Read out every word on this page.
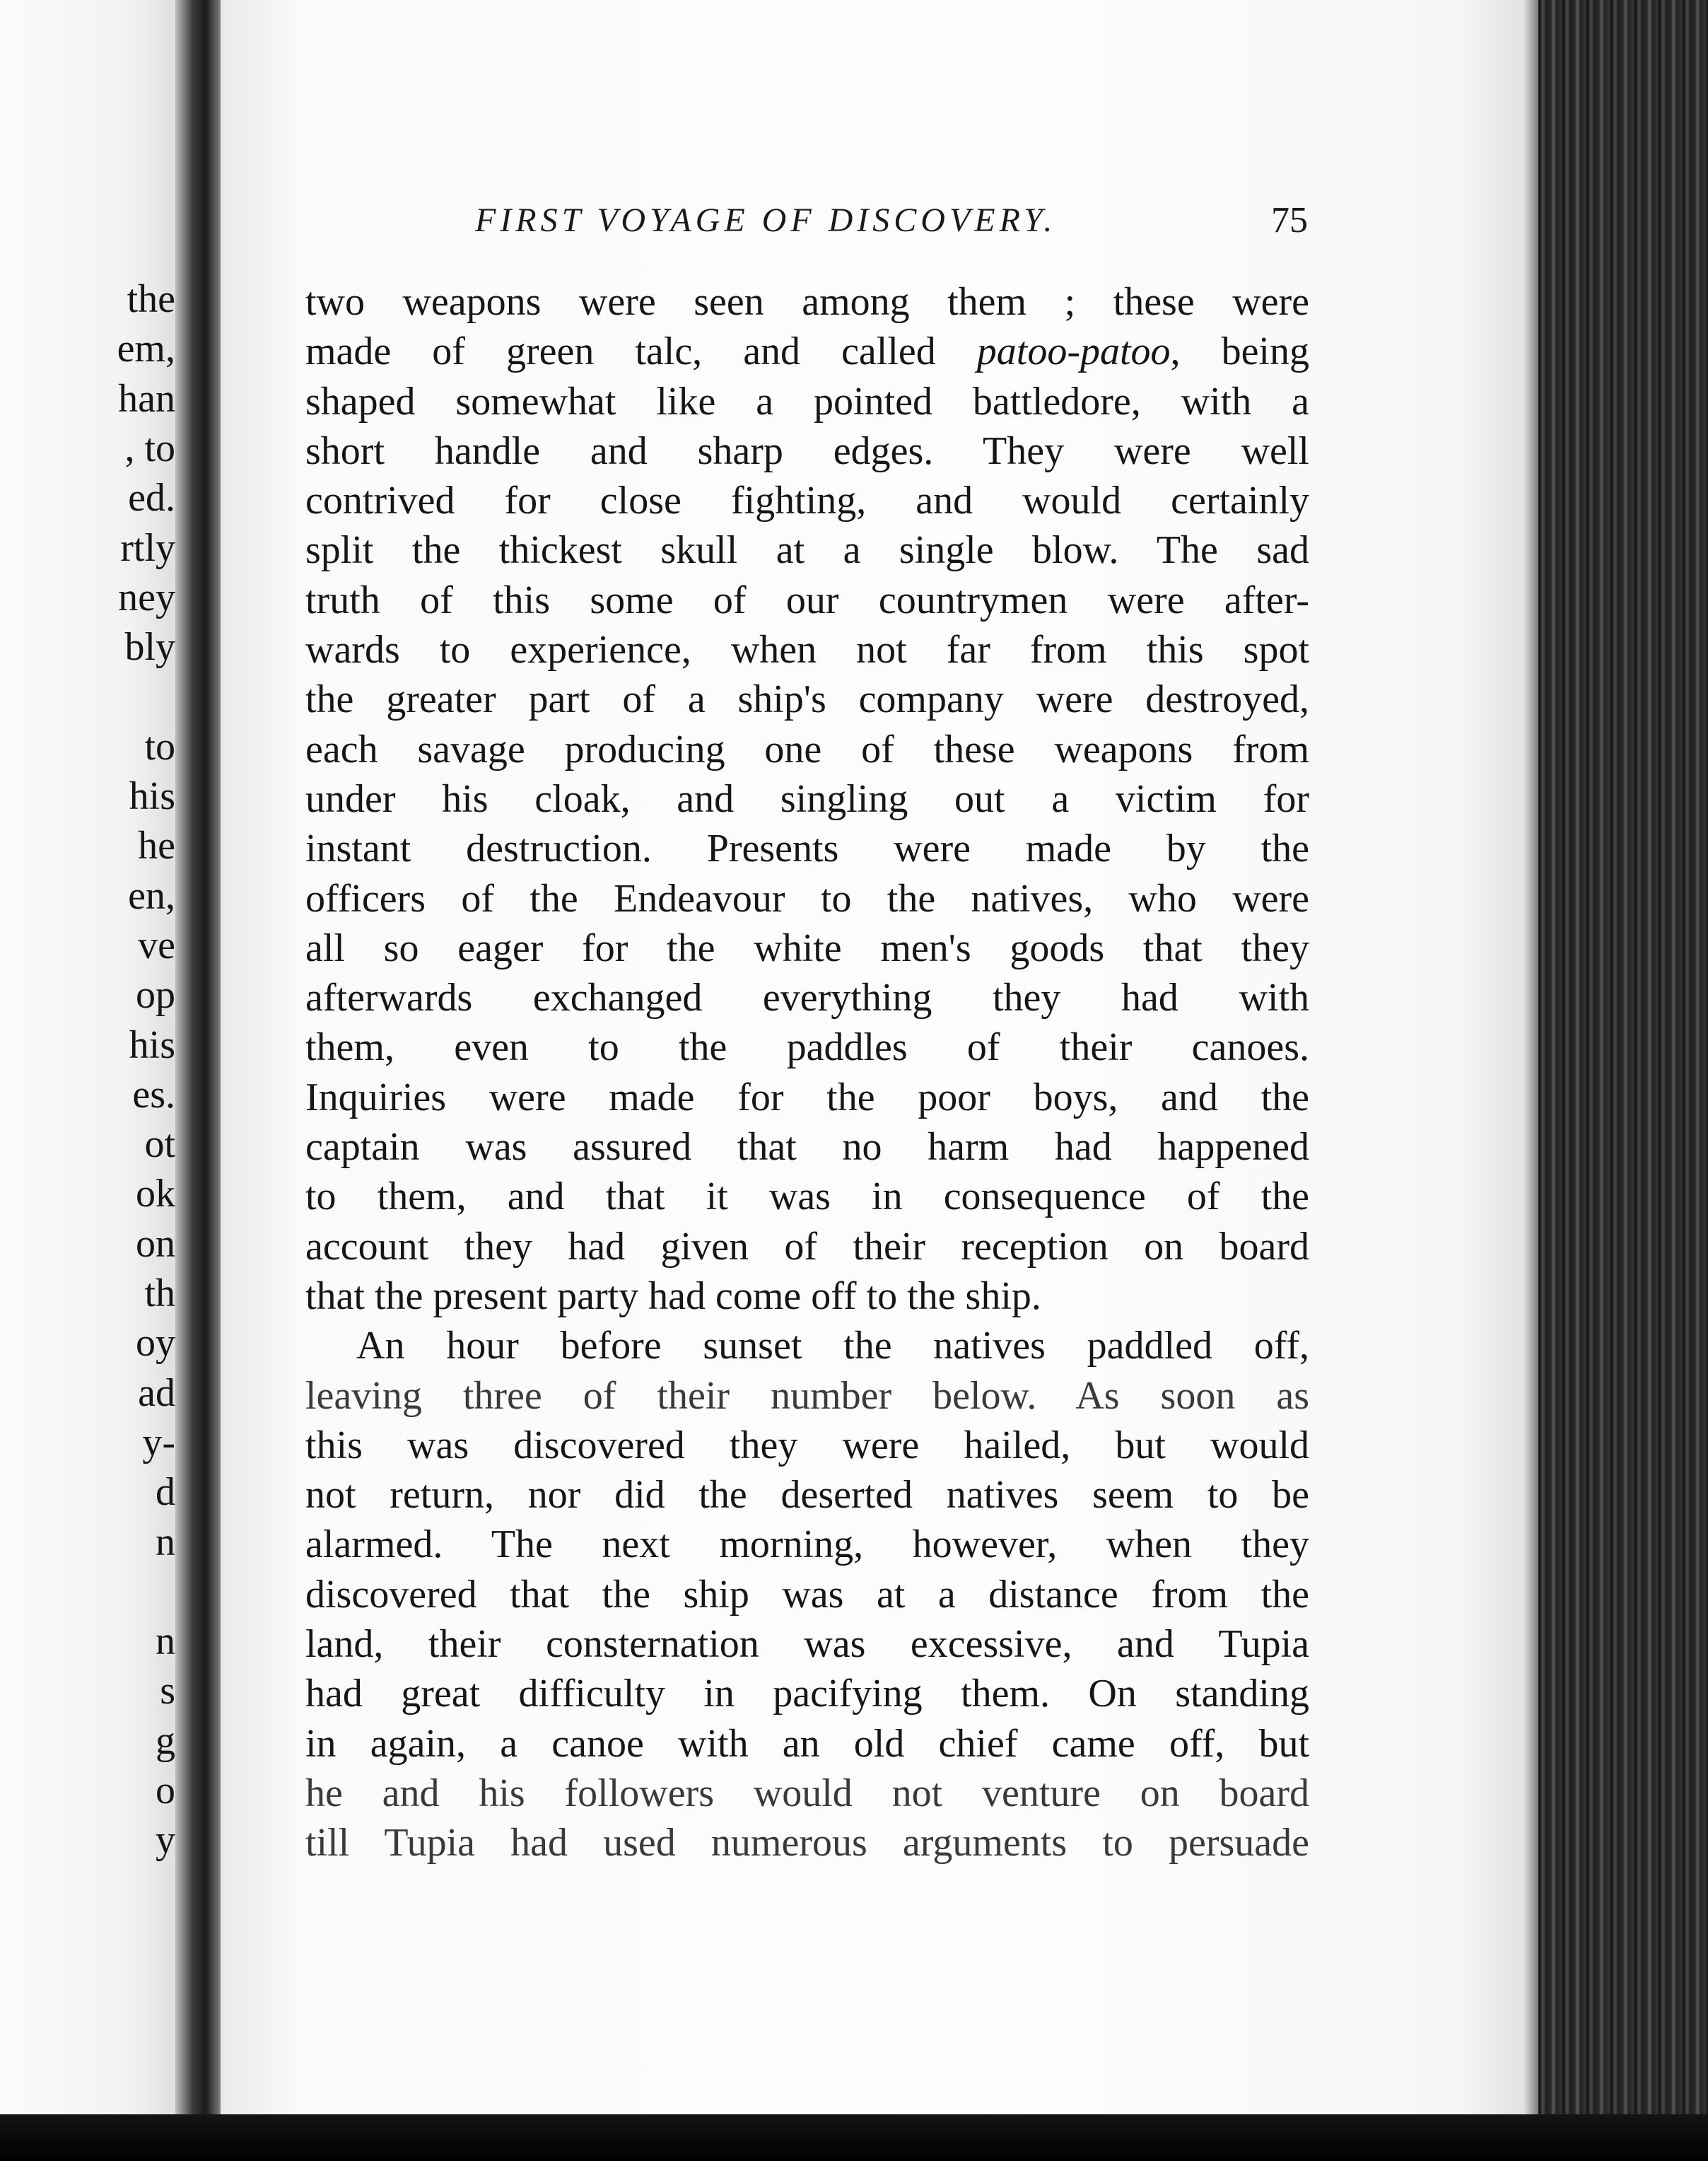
the
em,
han
, to
ed.
rtly
ney
bly
to
his
he
en,
ve
op
his
es.
ot
ok
on
th
oy
ad
y-
d
n
n
s
g
o
y
FIRST VOYAGE OF DISCOVERY.	75

two weapons were seen among them ; these were
made of green talc, and called patoo-patoo, being
shaped somewhat like a pointed battledore, with a
short handle and sharp edges. They were well
contrived for close fighting, and would certainly
split the thickest skull at a single blow. The sad
truth of this some of our countrymen were after-
wards to experience, when not far from this spot
the greater part of a ship's company were destroyed,
each savage producing one of these weapons from
under his cloak, and singling out a victim for
instant destruction. Presents were made by the
officers of the Endeavour to the natives, who were
all so eager for the white men's goods that they
afterwards exchanged everything they had with
them, even to the paddles of their canoes.
Inquiries were made for the poor boys, and the
captain was assured that no harm had happened
to them, and that it was in consequence of the
account they had given of their reception on board
that the present party had come off to the ship.

An hour before sunset the natives paddled off,
leaving three of their number below. As soon as
this was discovered they were hailed, but would
not return, nor did the deserted natives seem to be
alarmed. The next morning, however, when they
discovered that the ship was at a distance from the
land, their consternation was excessive, and Tupia
had great difficulty in pacifying them. On standing
in again, a canoe with an old chief came off, but
he and his followers would not venture on board
till Tupia had used numerous arguments to persuade
